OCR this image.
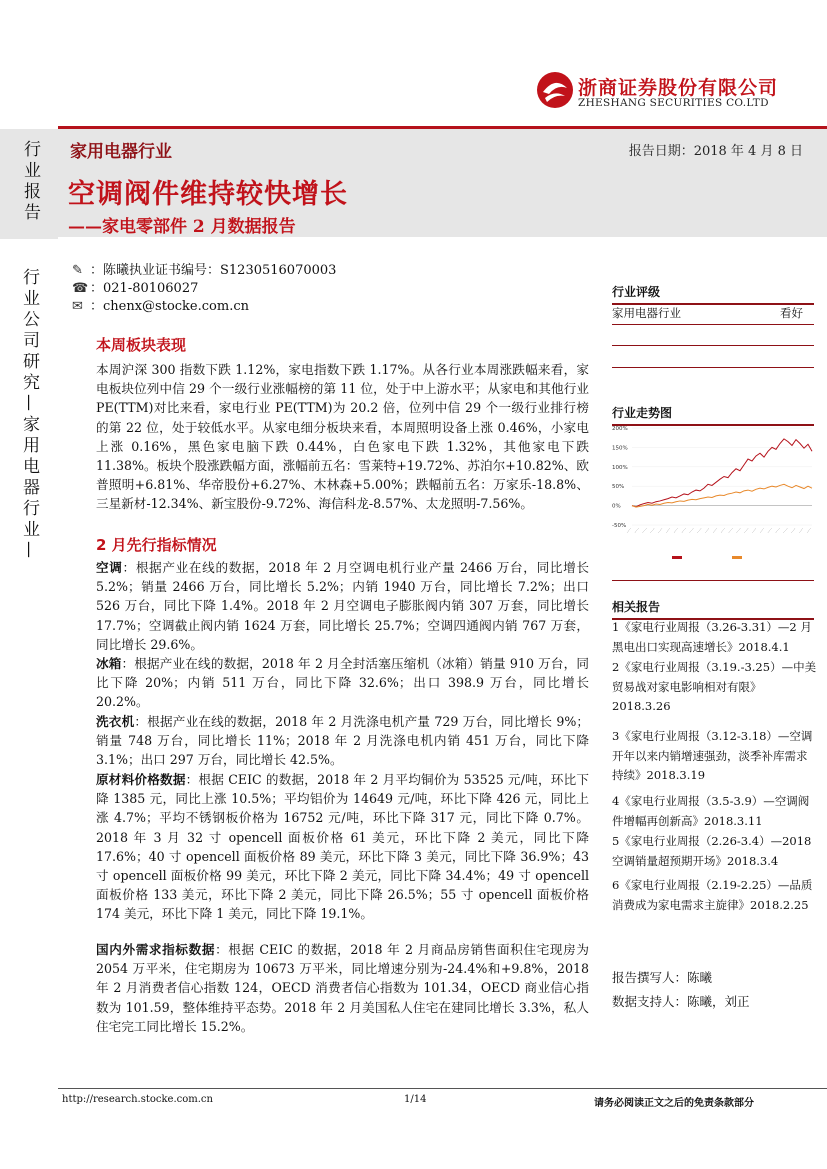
行业报告
行业公司研究—家用电器行业—
浙商证券股份有限公司
ZHESHANG SECURITIES CO.LTD
家用电器行业	报告日期：2018 年 4 月 8 日
空调阀件维持较快增长
——家电零部件 2 月数据报告
✎ ：陈曦执业证书编号：S1230516070003
☎ ：021-80106027
✉ ：chenx@stocke.com.cn
行业评级
家用电器行业	看好
行业走势图
200%
150%
100%
50%
0%
-50%
····· ····· ····· ····· ····· ····· ····· ····· ····· ····· ····· ····· ····· ····· ····· ····· ····· ····· ····· ····· ····· ····· ····· ·····
相关报告
1《家电行业周报（3.26-3.31）—2 月黑电出口实现高速增长》2018.4.1
2《家电行业周报（3.19.-3.25）—中美贸易战对家电影响相对有限》2018.3.26
3《家电行业周报（3.12-3.18）—空调开年以来内销增速强劲，淡季补库需求持续》2018.3.19
4《家电行业周报（3.5-3.9）—空调阀件增幅再创新高》2018.3.11
5《家电行业周报（2.26-3.4）—2018 空调销量超预期开场》2018.3.4
6《家电行业周报（2.19-2.25）—品质消费成为家电需求主旋律》2018.2.25
报告撰写人：陈曦
数据支持人：陈曦，刘正
本周板块表现
本周沪深 300 指数下跌 1.12%，家电指数下跌 1.17%。从各行业本周涨跌幅来看，家电板块位列中信 29 个一级行业涨幅榜的第 11 位，处于中上游水平；从家电和其他行业 PE(TTM)对比来看，家电行业 PE(TTM)为 20.2 倍，位列中信 29 个一级行业排行榜的第 22 位，处于较低水平。从家电细分板块来看，本周照明设备上涨 0.46%，小家电上涨 0.16%，黑色家电脑下跌 0.44%，白色家电下跌 1.32%，其他家电下跌 11.38%。板块个股涨跌幅方面，涨幅前五名：雪莱特+19.72%、苏泊尔+10.82%、欧普照明+6.81%、华帝股份+6.27%、木林森+5.00%；跌幅前五名：万家乐-18.8%、三星新材-12.34%、新宝股份-9.72%、海信科龙-8.57%、太龙照明-7.56%。
2 月先行指标情况
空调：根据产业在线的数据，2018 年 2 月空调电机行业产量 2466 万台，同比增长 5.2%；销量 2466 万台，同比增长 5.2%；内销 1940 万台，同比增长 7.2%；出口 526 万台，同比下降 1.4%。2018 年 2 月空调电子膨胀阀内销 307 万套，同比增长 17.7%；空调截止阀内销 1624 万套，同比增长 25.7%；空调四通阀内销 767 万套，同比增长 29.6%。
冰箱：根据产业在线的数据，2018 年 2 月全封活塞压缩机（冰箱）销量 910 万台，同比下降 20%；内销 511 万台，同比下降 32.6%；出口 398.9 万台，同比增长 20.2%。
洗衣机：根据产业在线的数据，2018 年 2 月洗涤电机产量 729 万台，同比增长 9%；销量 748 万台，同比增长 11%；2018 年 2 月洗涤电机内销 451 万台，同比下降 3.1%；出口 297 万台，同比增长 42.5%。
原材料价格数据：根据 CEIC 的数据，2018 年 2 月平均铜价为 53525 元/吨，环比下降 1385 元，同比上涨 10.5%；平均铝价为 14649 元/吨，环比下降 426 元，同比上涨 4.7%；平均不锈钢板价格为 16752 元/吨，环比下降 317 元，同比下降 0.7%。2018 年 3 月 32 寸 opencell 面板价格 61 美元，环比下降 2 美元，同比下降 17.6%；40 寸 opencell 面板价格 89 美元，环比下降 3 美元，同比下降 36.9%；43 寸 opencell 面板价格 99 美元，环比下降 2 美元，同比下降 34.4%；49 寸 opencell 面板价格 133 美元，环比下降 2 美元，同比下降 26.5%；55 寸 opencell 面板价格 174 美元，环比下降 1 美元，同比下降 19.1%。
国内外需求指标数据：根据 CEIC 的数据，2018 年 2 月商品房销售面积住宅现房为 2054 万平米，住宅期房为 10673 万平米，同比增速分别为-24.4%和+9.8%，2018 年 2 月消费者信心指数 124，OECD 消费者信心指数为 101.34，OECD 商业信心指数为 101.59，整体维持平态势。2018 年 2 月美国私人住宅在建同比增长 3.3%，私人住宅完工同比增长 15.2%。
http://research.stocke.com.cn	1/14	请务必阅读正文之后的免责条款部分
